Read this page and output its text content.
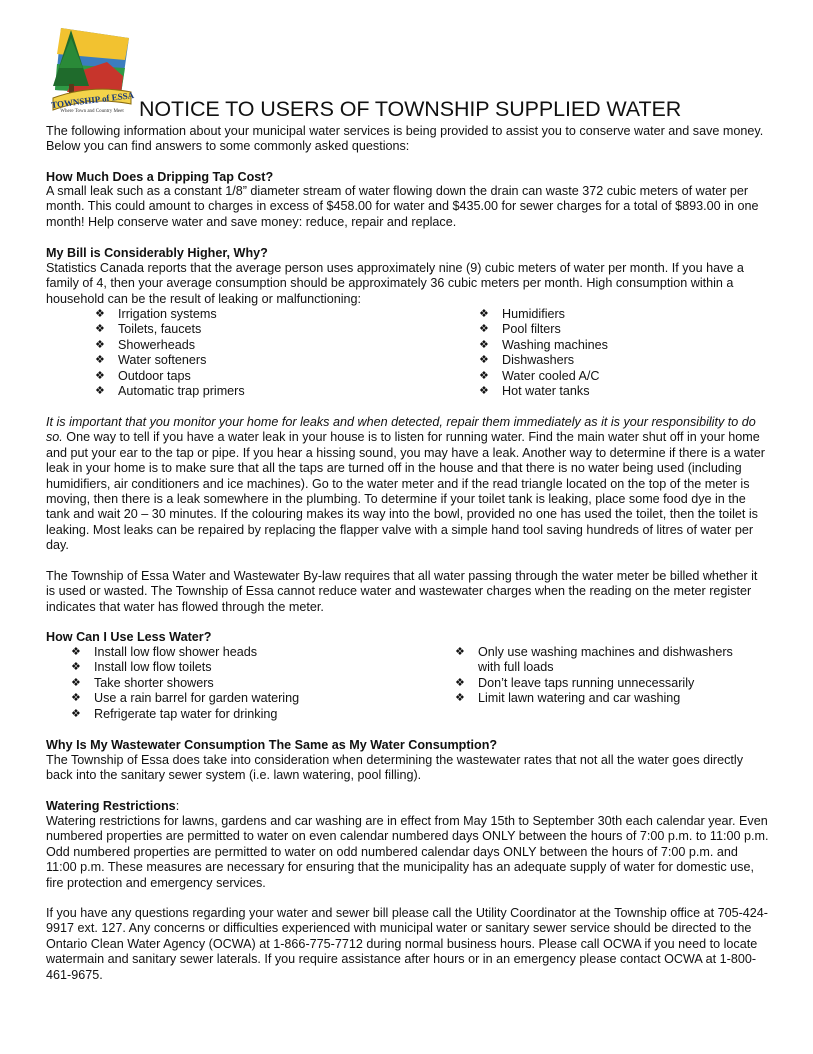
TOWNSHIP of ESSA
Where Town and Country Meet NOTICE TO USERS OF TOWNSHIP SUPPLIED WATER

The following information about your municipal water services is being provided to assist you to conserve water and save money. Below you can find answers to some commonly asked questions:

How Much Does a Dripping Tap Cost?

A small leak such as a constant 1/8” diameter stream of water flowing down the drain can waste 372 cubic meters of water per month. This could amount to charges in excess of $458.00 for water and $435.00 for sewer charges for a total of $893.00 in one month! Help conserve water and save money: reduce, repair and replace.

My Bill is Considerably Higher, Why?

Statistics Canada reports that the average person uses approximately nine (9) cubic meters of water per month. If you have a family of 4, then your average consumption should be approximately 36 cubic meters per month. High consumption within a household can be the result of leaking or malfunctioning:

❖ Irrigation systems
❖ Toilets, faucets
❖ Showerheads
❖ Water softeners
❖ Outdoor taps
❖ Automatic trap primers
❖ Humidifiers
❖ Pool filters
❖ Washing machines
❖ Dishwashers
❖ Water cooled A/C
❖ Hot water tanks

It is important that you monitor your home for leaks and when detected, repair them immediately as it is your responsibility to do so. One way to tell if you have a water leak in your house is to listen for running water. Find the main water shut off in your home and put your ear to the tap or pipe. If you hear a hissing sound, you may have a leak. Another way to determine if there is a water leak in your home is to make sure that all the taps are turned off in the house and that there is no water being used (including humidifiers, air conditioners and ice machines). Go to the water meter and if the read triangle located on the top of the meter is moving, then there is a leak somewhere in the plumbing. To determine if your toilet tank is leaking, place some food dye in the tank and wait 20 – 30 minutes. If the colouring makes its way into the bowl, provided no one has used the toilet, then the toilet is leaking. Most leaks can be repaired by replacing the flapper valve with a simple hand tool saving hundreds of litres of water per day.

The Township of Essa Water and Wastewater By-law requires that all water passing through the water meter be billed whether it is used or wasted. The Township of Essa cannot reduce water and wastewater charges when the reading on the meter register indicates that water has flowed through the meter.

How Can I Use Less Water?
❖ Install low flow shower heads
❖ Install low flow toilets
❖ Take shorter showers
❖ Use a rain barrel for garden watering
❖ Refrigerate tap water for drinking
❖ Only use washing machines and dishwashers with full loads
❖ Don’t leave taps running unnecessarily
❖ Limit lawn watering and car washing
Why Is My Wastewater Consumption The Same as My Water Consumption?

The Township of Essa does take into consideration when determining the wastewater rates that not all the water goes directly back into the sanitary sewer system (i.e. lawn watering, pool filling).

Watering Restrictions:

Watering restrictions for lawns, gardens and car washing are in effect from May 15th to September 30th each calendar year. Even numbered properties are permitted to water on even calendar numbered days ONLY between the hours of 7:00 p.m. to 11:00 p.m. Odd numbered properties are permitted to water on odd numbered calendar days ONLY between the hours of 7:00 p.m. and 11:00 p.m. These measures are necessary for ensuring that the municipality has an adequate supply of water for domestic use, fire protection and emergency services.

If you have any questions regarding your water and sewer bill please call the Utility Coordinator at the Township office at 705-424-9917 ext. 127. Any concerns or difficulties experienced with municipal water or sanitary sewer service should be directed to the Ontario Clean Water Agency (OCWA) at 1-866-775-7712 during normal business hours. Please call OCWA if you need to locate watermain and sanitary sewer laterals. If you require assistance after hours or in an emergency please contact OCWA at 1-800-461-9675.
